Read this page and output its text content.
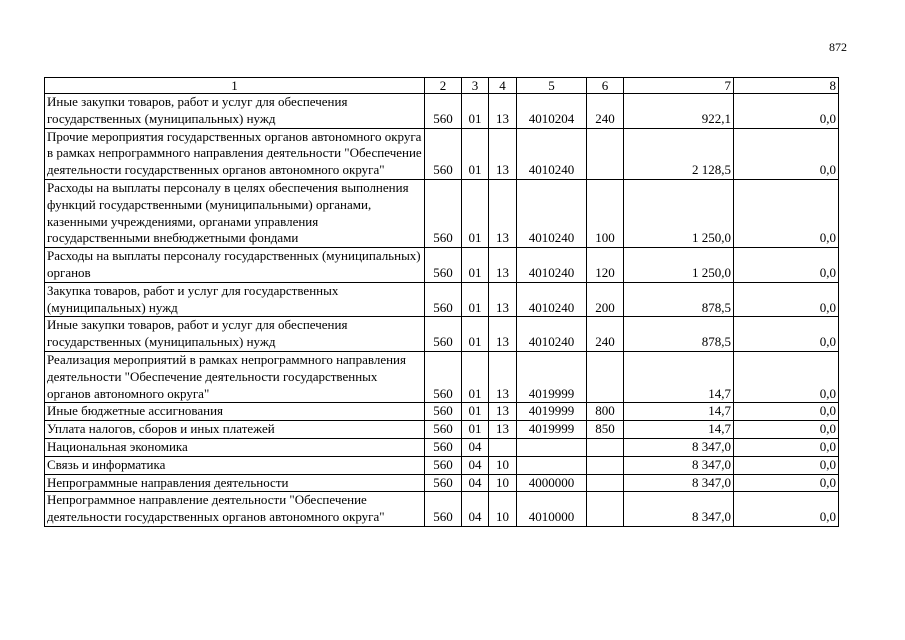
872
1	2	3	4	5	6	7	8
Иные закупки товаров, работ и услуг для обеспечения государственных (муниципальных) нужд	560	01	13	4010204	240	922,1	0,0
Прочие мероприятия государственных органов автономного округа в рамках непрограммного направления деятельности "Обеспечение деятельности государственных органов автономного округа"	560	01	13	4010240		2 128,5	0,0
Расходы на выплаты персоналу в целях обеспечения выполнения функций государственными (муниципальными) органами, казенными учреждениями, органами управления государственными внебюджетными фондами	560	01	13	4010240	100	1 250,0	0,0
Расходы на выплаты персоналу государственных (муниципальных) органов	560	01	13	4010240	120	1 250,0	0,0
Закупка товаров, работ и услуг для государственных (муниципальных) нужд	560	01	13	4010240	200	878,5	0,0
Иные закупки товаров, работ и услуг для обеспечения государственных (муниципальных) нужд	560	01	13	4010240	240	878,5	0,0
Реализация мероприятий в рамках непрограммного направления деятельности "Обеспечение деятельности государственных органов автономного округа"	560	01	13	4019999		14,7	0,0
Иные бюджетные ассигнования	560	01	13	4019999	800	14,7	0,0
Уплата налогов, сборов и иных платежей	560	01	13	4019999	850	14,7	0,0
Национальная экономика	560	04				8 347,0	0,0
Связь и информатика	560	04	10			8 347,0	0,0
Непрограммные направления деятельности	560	04	10	4000000		8 347,0	0,0
Непрограммное направление деятельности "Обеспечение деятельности государственных органов автономного округа"	560	04	10	4010000		8 347,0	0,0
